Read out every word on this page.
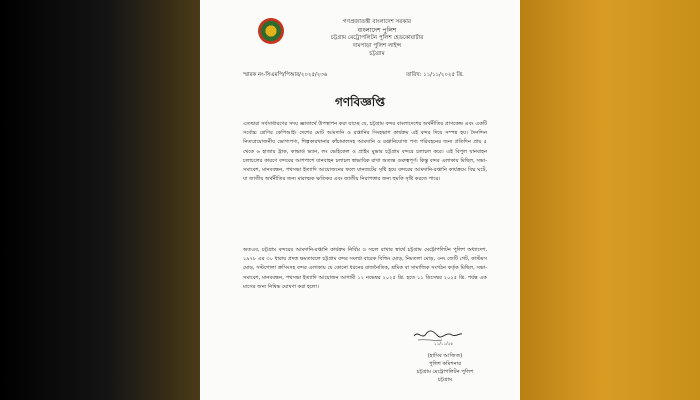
গণপ্রজাতন্ত্রী বাংলাদেশ সরকার
বাংলাদেশ পুলিশ
চট্টগ্রাম মেট্রোপলিটন পুলিশ হেডকোয়ার্টার
দামপাড়া পুলিশ লাইন্স
চট্টগ্রাম
স্মারক নং-সিএমপি/পিআর/২০২৫/২৩৬	তারিখ: ১১/১১/২০২৫ খ্রি.
গণবিজ্ঞপ্তি
এতদ্বারা সর্বসাধারণের সদয় জ্ঞাতার্থে উপস্থাপন করা যাচ্ছে যে, চট্টগ্রাম বন্দর বাংলাদেশের অর্থনীতির প্রাণকেন্দ্র এবং একটি সর্বোচ্চ শ্রেণির কেপিআই। দেশের মোট আমদানি ও রপ্তানির সিংহভাগ কার্যক্রম এই বন্দর দিয়ে সম্পন্ন হয়। দৈনন্দিন নিত্যপ্রয়োজনীয় ভোগ্যপণ্য, শিল্পকারখানার কাঁচামালসহ আমদানি ও রপ্তানিযোগ্য পণ্য পরিবহনের জন্য প্রতিদিন প্রায় ৫ থেকে ৬ হাজার ট্রাক, কাভার্ড ভ্যান, লং ভেহিকেল ও প্রাইম মুভার চট্টগ্রাম বন্দরে চলাচল করে। এই বিপুল যানবাহন চলাচলের কারণে বন্দরের আশপাশে যানবাহন চলাচল স্বাভাবিক রাখা অত্যন্ত গুরুত্বপূর্ণ। কিন্তু বন্দর এলাকায় মিছিল, সভা-সমাবেশ, মানববন্ধন, পথসভা ইত্যাদি আয়োজনের ফলে যানজটের সৃষ্টি হয়ে বন্দরের আমদানি-রপ্তানি কার্যক্রমে বিঘ্ন ঘটে, যা জাতীয় অর্থনীতির জন্য মারাত্মক ক্ষতিকর এবং জাতীয় নিরাপত্তার জন্য হুমকি সৃষ্টি করতে পারে।
অতএব, চট্টগ্রাম বন্দরের আমদানি-রপ্তানি কার্যক্রম নির্বিঘ্ন ও সচল রাখার স্বার্থে চট্টগ্রাম মেট্রোপলিটন পুলিশ অধ্যাদেশ, ১৯৭৮ এর ৩০ ধারায় প্রদত্ত ক্ষমতাবলে চট্টগ্রাম বন্দর সংলগ্ন বারেক বিল্ডিং মোড়, নিমতলা মোড়, ৩নং জেটি গেট, কাস্টমস মোড়, সল্টগোলা ক্রসিংসহ বন্দর এলাকায় যে কোনো ধরনের রাজনৈতিক, শ্রমিক বা সামাজিক সংগঠন কর্তৃক মিছিল, সভা-সমাবেশ, মানববন্ধন, পথসভা ইত্যাদি আয়োজন আগামী ১২ নভেম্বর ২০২৫ খ্রি. হতে ১১ ডিসেম্বর ২০২৫ খ্রি. পর্যন্ত এক মাসের জন্য নিষিদ্ধ ঘোষণা করা হলো।
১১/১১/২৫
(হাসিব আজিজ)
পুলিশ কমিশনার
চট্টগ্রাম মেট্রোপলিটন পুলিশ
চট্টগ্রাম
